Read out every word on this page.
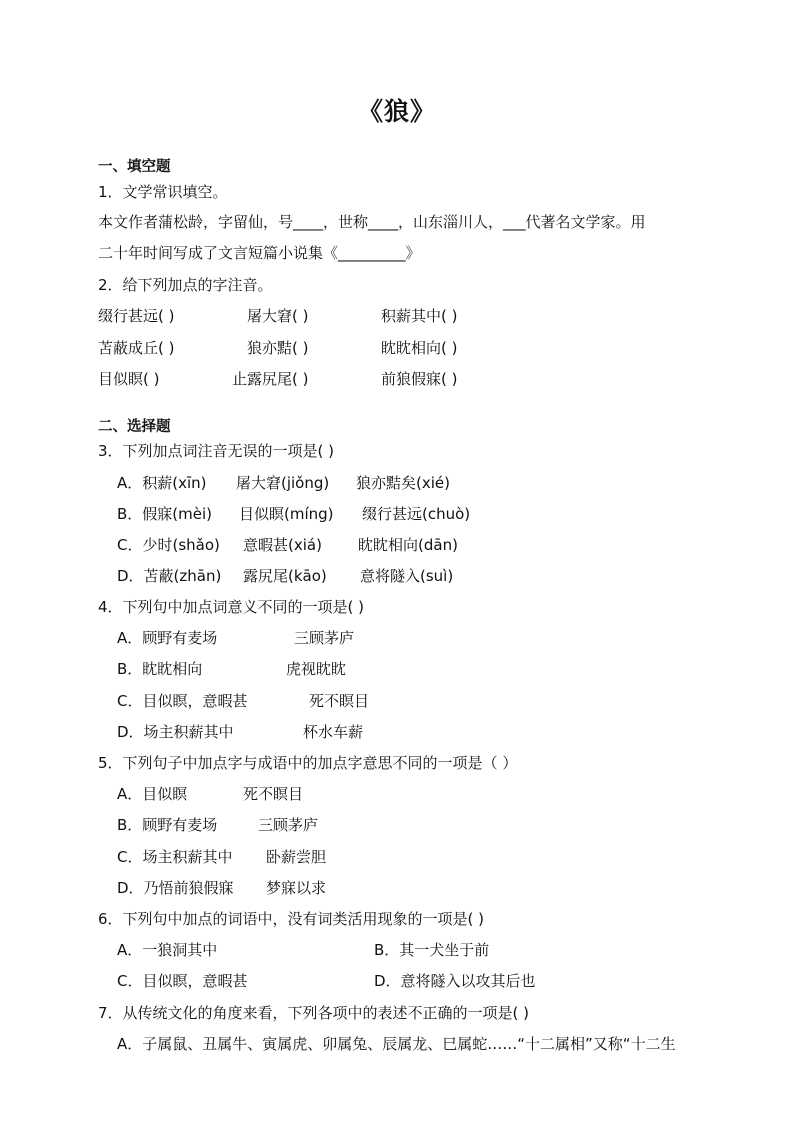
《狼》
一、填空题
1．文学常识填空。
本文作者蒲松龄，字留仙，号____，世称____，山东淄川人，___代著名文学家。用
二十年时间写成了文言短篇小说集《_________》
2．给下列加点的字注音。
缀行甚远( )	屠大窘( )	积薪其中( )
苫蔽成丘( )	狼亦黠( )	眈眈相向( )
目似瞑( )	止露尻尾( )	前狼假寐( )
二、选择题
3．下列加点词注音无误的一项是( )
A．积薪(xīn) 屠大窘(jiǒng) 狼亦黠矣(xié)
B．假寐(mèi) 目似瞑(míng) 缀行甚远(chuò)
C．少时(shǎo) 意暇甚(xiá) 眈眈相向(dān)
D．苫蔽(zhān) 露尻尾(kāo) 意将隧入(suì)
4．下列句中加点词意义不同的一项是( )
A．顾野有麦场	三顾茅庐
B．眈眈相向	虎视眈眈
C．目似瞑，意暇甚	死不瞑目
D．场主积薪其中	杯水车薪
5．下列句子中加点字与成语中的加点字意思不同的一项是（ ）
A．目似瞑	死不瞑目
B．顾野有麦场	三顾茅庐
C．场主积薪其中 卧薪尝胆
D．乃悟前狼假寐 梦寐以求
6．下列句中加点的词语中，没有词类活用现象的一项是( )
A．一狼洞其中	B．其一犬坐于前
C．目似瞑，意暇甚	D．意将隧入以攻其后也
7．从传统文化的角度来看，下列各项中的表述不正确的一项是( )
A．子属鼠、丑属牛、寅属虎、卯属兔、辰属龙、巳属蛇……“十二属相”又称“十二生
